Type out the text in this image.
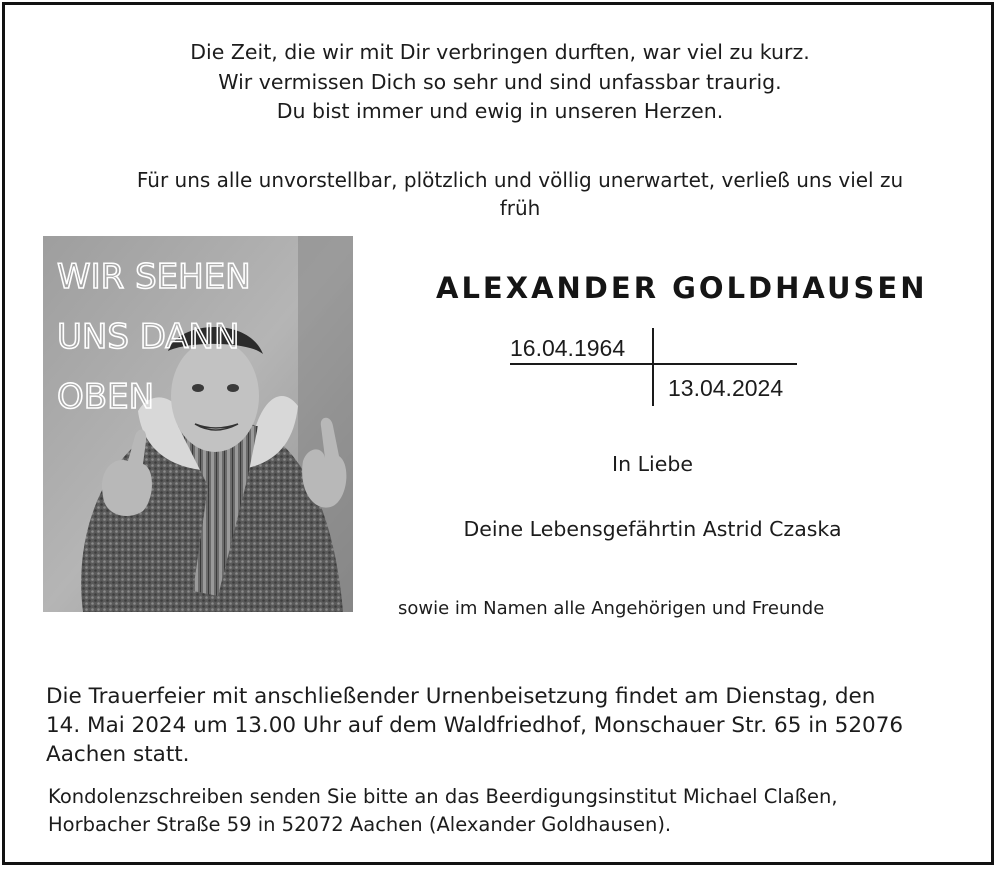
Die Zeit, die wir mit Dir verbringen durften, war viel zu kurz.
Wir vermissen Dich so sehr und sind unfassbar traurig.
Du bist immer und ewig in unseren Herzen.
Für uns alle unvorstellbar, plötzlich und völlig unerwartet, verließ uns viel zu
früh
WIR SEHEN
UNS DANN
OBEN
ALEXANDER GOLDHAUSEN
16.04.1964
13.04.2024
In Liebe
Deine Lebensgefährtin Astrid Czaska
sowie im Namen alle Angehörigen und Freunde
Die Trauerfeier mit anschließender Urnenbeisetzung findet am Dienstag, den
14. Mai 2024 um 13.00 Uhr auf dem Waldfriedhof, Monschauer Str. 65 in 52076
Aachen statt.
Kondolenzschreiben senden Sie bitte an das Beerdigungsinstitut Michael Claßen,
Horbacher Straße 59 in 52072 Aachen (Alexander Goldhausen).
